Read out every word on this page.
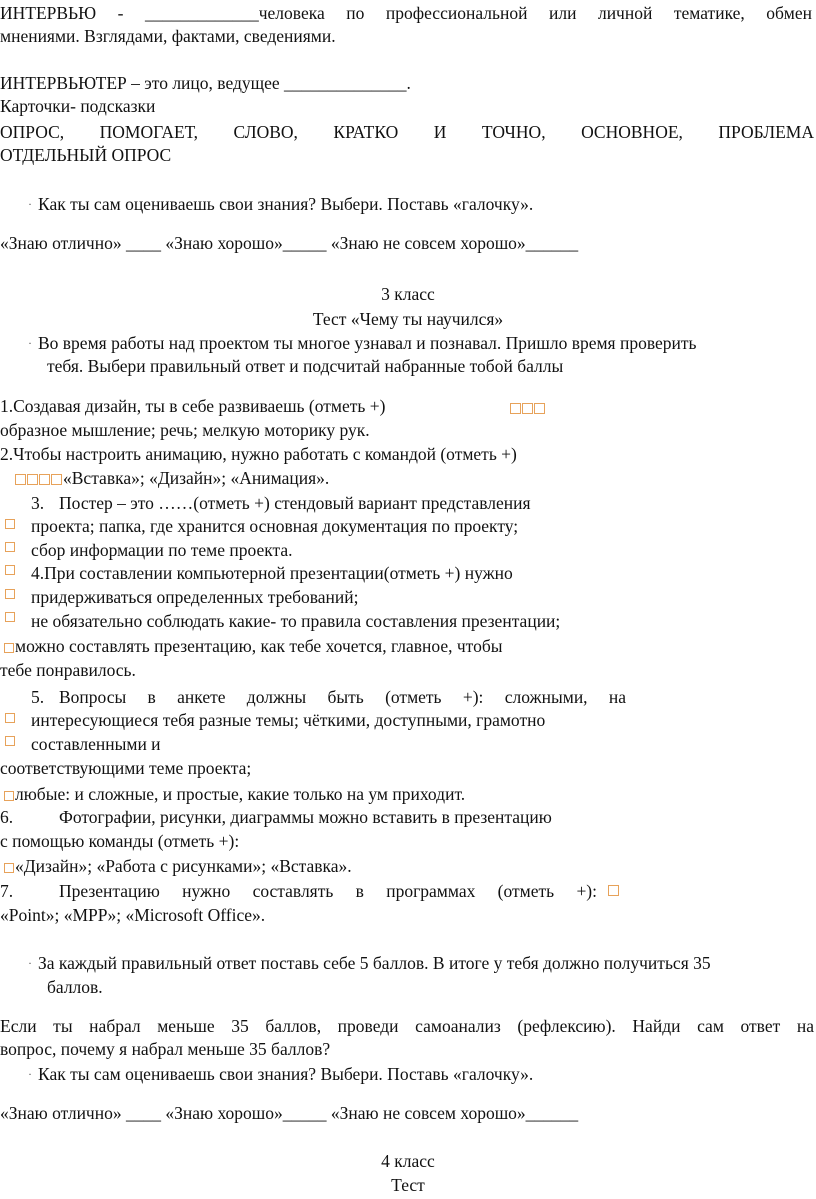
ИНТЕРВЬЮ - _____________человека по профессиональной или личной тематике, обмен
мнениями. Взглядами, фактами, сведениями.
ИНТЕРВЬЮТЕР – это лицо, ведущее ______________.
Карточки- подсказки
ОПРОС, ПОМОГАЕТ, СЛОВО, КРАТКО И ТОЧНО, ОСНОВНОЕ, ПРОБЛЕМА
ОТДЕЛЬНЫЙ ОПРОС
· Как ты сам оцениваешь свои знания? Выбери. Поставь «галочку».
«Знаю отлично» ____ «Знаю хорошо»_____ «Знаю не совсем хорошо»______
3 класс
Тест «Чему ты научился»
· Во время работы над проектом ты многое узнавал и познавал. Пришло время проверить
тебя. Выбери правильный ответ и подсчитай набранные тобой баллы
1.Создавая дизайн, ты в себе развиваешь (отметь +)
образное мышление; речь; мелкую моторику рук.
2.Чтобы настроить анимацию, нужно работать с командой (отметь +)
«Вставка»; «Дизайн»; «Анимация».
3. Постер – это ……(отметь +) стендовый вариант представления
проекта; папка, где хранится основная документация по проекту;
сбор информации по теме проекта.
4.При составлении компьютерной презентации(отметь +) нужно
придерживаться определенных требований;
не обязательно соблюдать какие- то правила составления презентации;
можно составлять презентацию, как тебе хочется, главное, чтобы
тебе понравилось.
5. Вопросы в анкете должны быть (отметь +): сложными, на
интересующиеся тебя разные темы; чёткими, доступными, грамотно
составленными и
соответствующими теме проекта;
любые: и сложные, и простые, какие только на ум приходит.
6.	Фотографии, рисунки, диаграммы можно вставить в презентацию
с помощью команды (отметь +):
«Дизайн»; «Работа с рисунками»; «Вставка».
7.	Презентацию нужно составлять в программах (отметь +):
«Point»; «MPP»; «Microsoft Office».
· За каждый правильный ответ поставь себе 5 баллов. В итоге у тебя должно получиться 35
баллов.
Если ты набрал меньше 35 баллов, проведи самоанализ (рефлексию). Найди сам ответ на
вопрос, почему я набрал меньше 35 баллов?
· Как ты сам оцениваешь свои знания? Выбери. Поставь «галочку».
«Знаю отлично» ____ «Знаю хорошо»_____ «Знаю не совсем хорошо»______
4 класс
Тест
